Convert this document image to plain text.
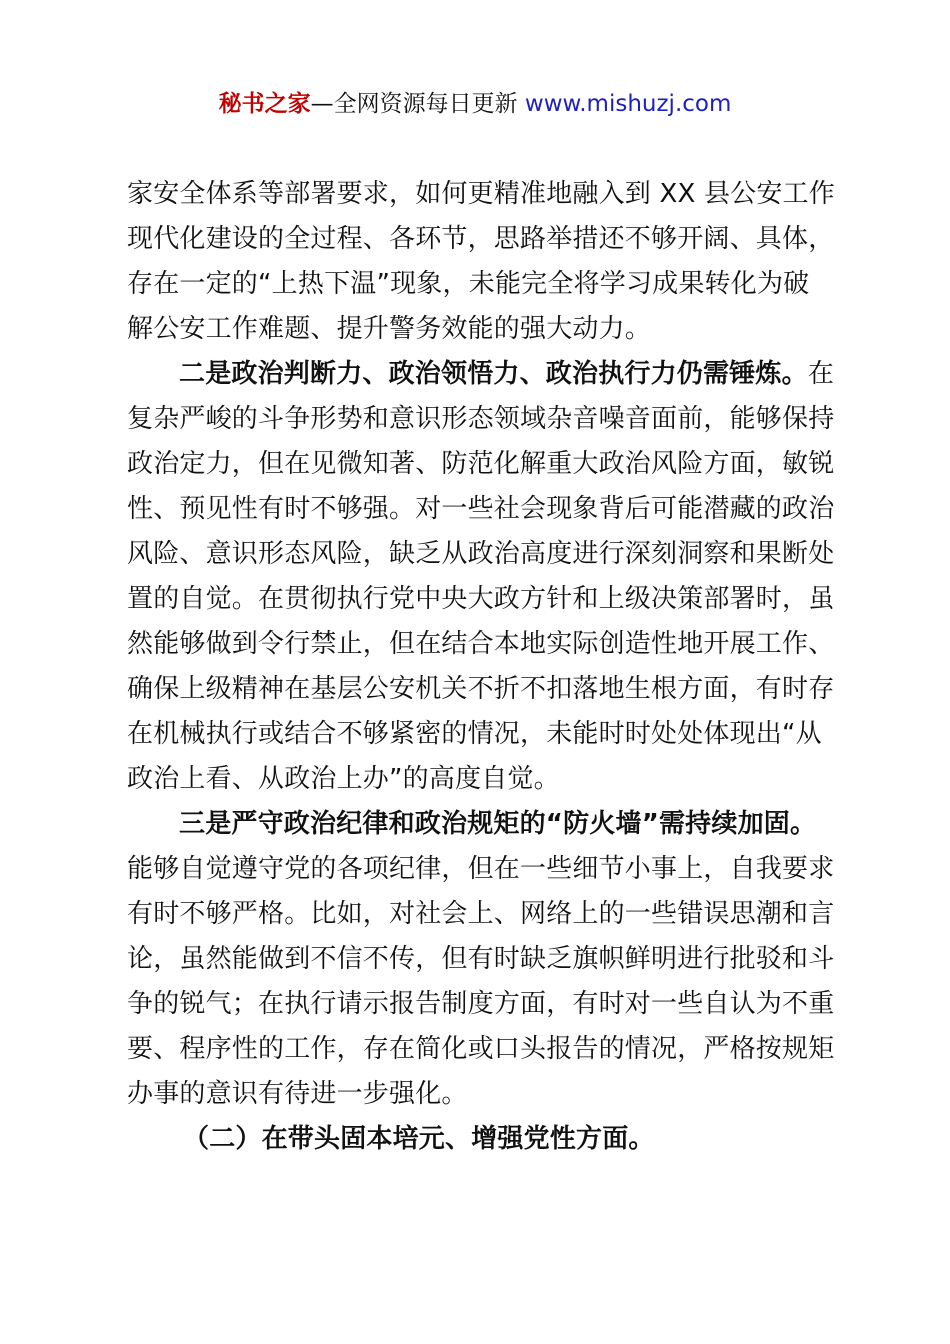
秘书之家—全网资源每日更新 www.mishuzj.com
家安全体系等部署要求，如何更精准地融入到 XX 县公安工作
现代化建设的全过程、各环节，思路举措还不够开阔、具体，
存在一定的“上热下温”现象，未能完全将学习成果转化为破
解公安工作难题、提升警务效能的强大动力。
二是政治判断力、政治领悟力、政治执行力仍需锤炼。在
复杂严峻的斗争形势和意识形态领域杂音噪音面前，能够保持
政治定力，但在见微知著、防范化解重大政治风险方面，敏锐
性、预见性有时不够强。对一些社会现象背后可能潜藏的政治
风险、意识形态风险，缺乏从政治高度进行深刻洞察和果断处
置的自觉。在贯彻执行党中央大政方针和上级决策部署时，虽
然能够做到令行禁止，但在结合本地实际创造性地开展工作、
确保上级精神在基层公安机关不折不扣落地生根方面，有时存
在机械执行或结合不够紧密的情况，未能时时处处体现出“从
政治上看、从政治上办”的高度自觉。
三是严守政治纪律和政治规矩的“防火墙”需持续加固。
能够自觉遵守党的各项纪律，但在一些细节小事上，自我要求
有时不够严格。比如，对社会上、网络上的一些错误思潮和言
论，虽然能做到不信不传，但有时缺乏旗帜鲜明进行批驳和斗
争的锐气；在执行请示报告制度方面，有时对一些自认为不重
要、程序性的工作，存在简化或口头报告的情况，严格按规矩
办事的意识有待进一步强化。
（二）在带头固本培元、增强党性方面。
